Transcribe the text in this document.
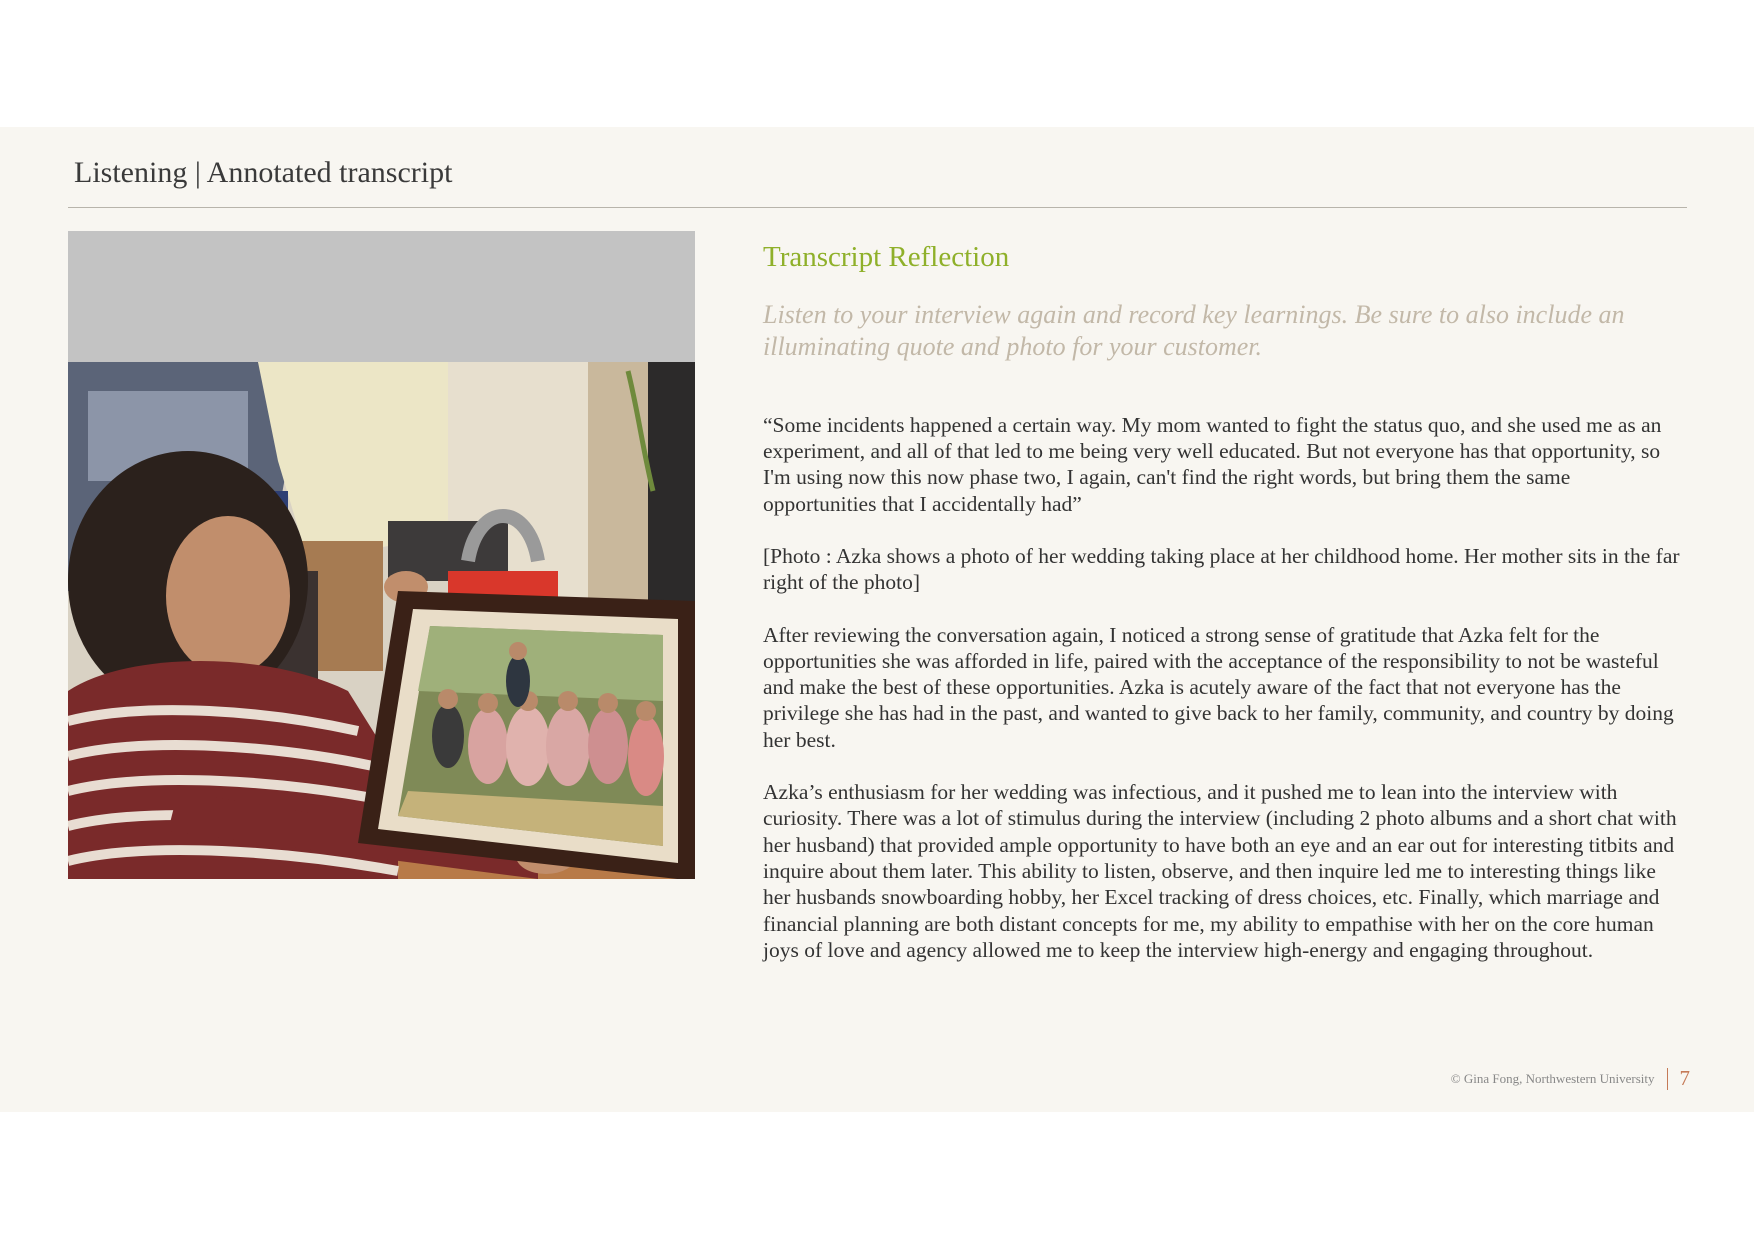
Listening | Annotated transcript
Transcript Reflection

Listen to your interview again and record key learnings. Be sure to also include an illuminating quote and photo for your customer.

“Some incidents happened a certain way. My mom wanted to fight the status quo, and she used me as an experiment, and all of that led to me being very well educated. But not everyone has that opportunity, so I'm using now this now phase two, I again, can't find the right words, but bring them the same opportunities that I accidentally had”

[Photo : Azka shows a photo of her wedding taking place at her childhood home. Her mother sits in the far right of the photo]

After reviewing the conversation again, I noticed a strong sense of gratitude that Azka felt for the opportunities she was afforded in life, paired with the acceptance of the responsibility to not be wasteful and make the best of these opportunities. Azka is acutely aware of the fact that not everyone has the privilege she has had in the past, and wanted to give back to her family, community, and country by doing her best.

Azka’s enthusiasm for her wedding was infectious, and it pushed me to lean into the interview with curiosity. There was a lot of stimulus during the interview (including 2 photo albums and a short chat with her husband) that provided ample opportunity to have both an eye and an ear out for interesting titbits and inquire about them later. This ability to listen, observe, and then inquire led me to interesting things like her husbands snowboarding hobby, her Excel tracking of dress choices, etc. Finally, which marriage and financial planning are both distant concepts for me, my ability to empathise with her on the core human joys of love and agency allowed me to keep the interview high-energy and engaging throughout.

© Gina Fong, Northwestern University 7
